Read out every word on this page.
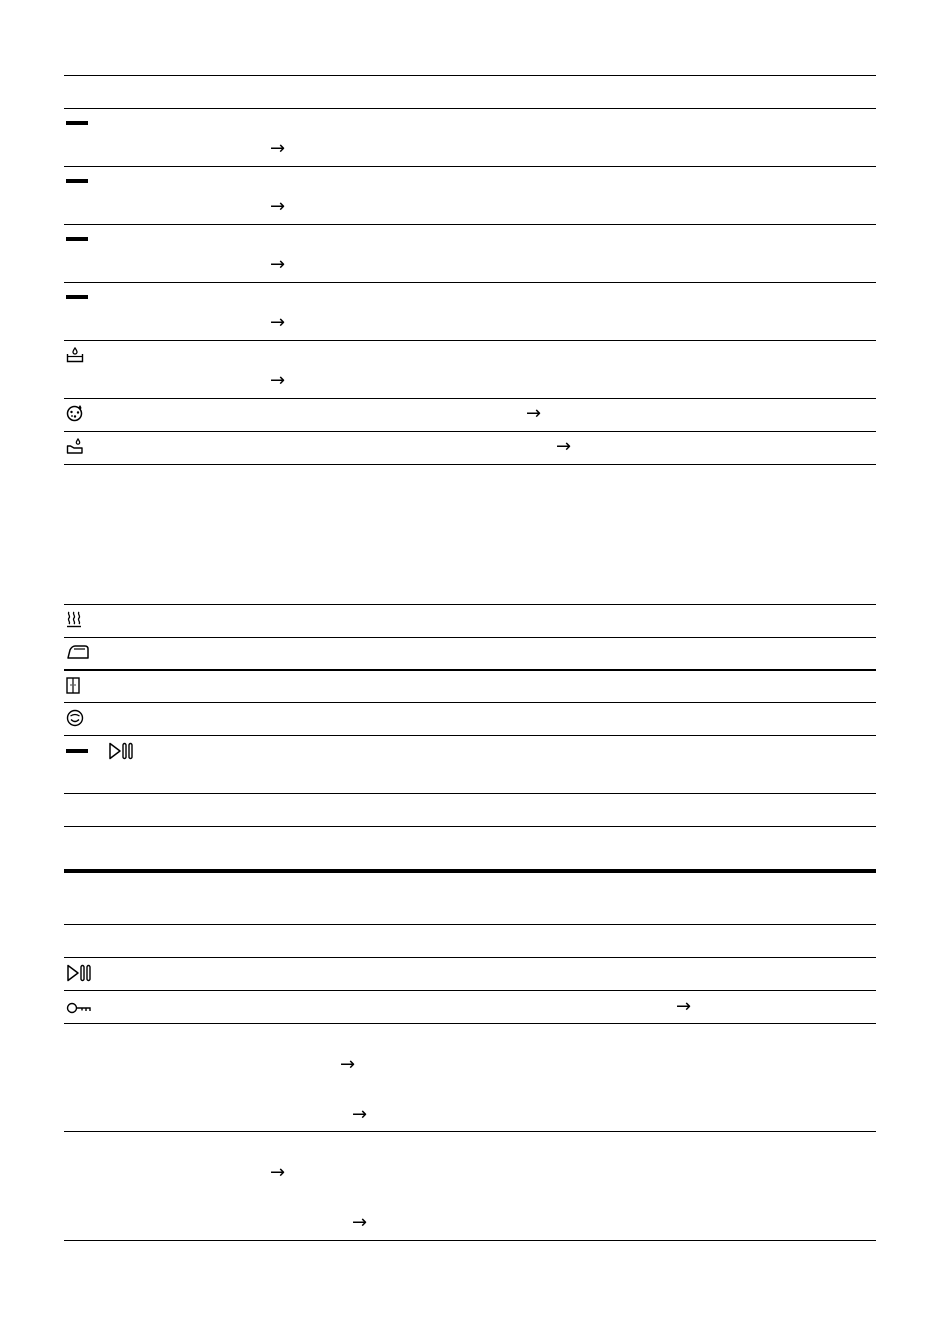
→
→
→
→
→
→
→
→
→
→
→
→
